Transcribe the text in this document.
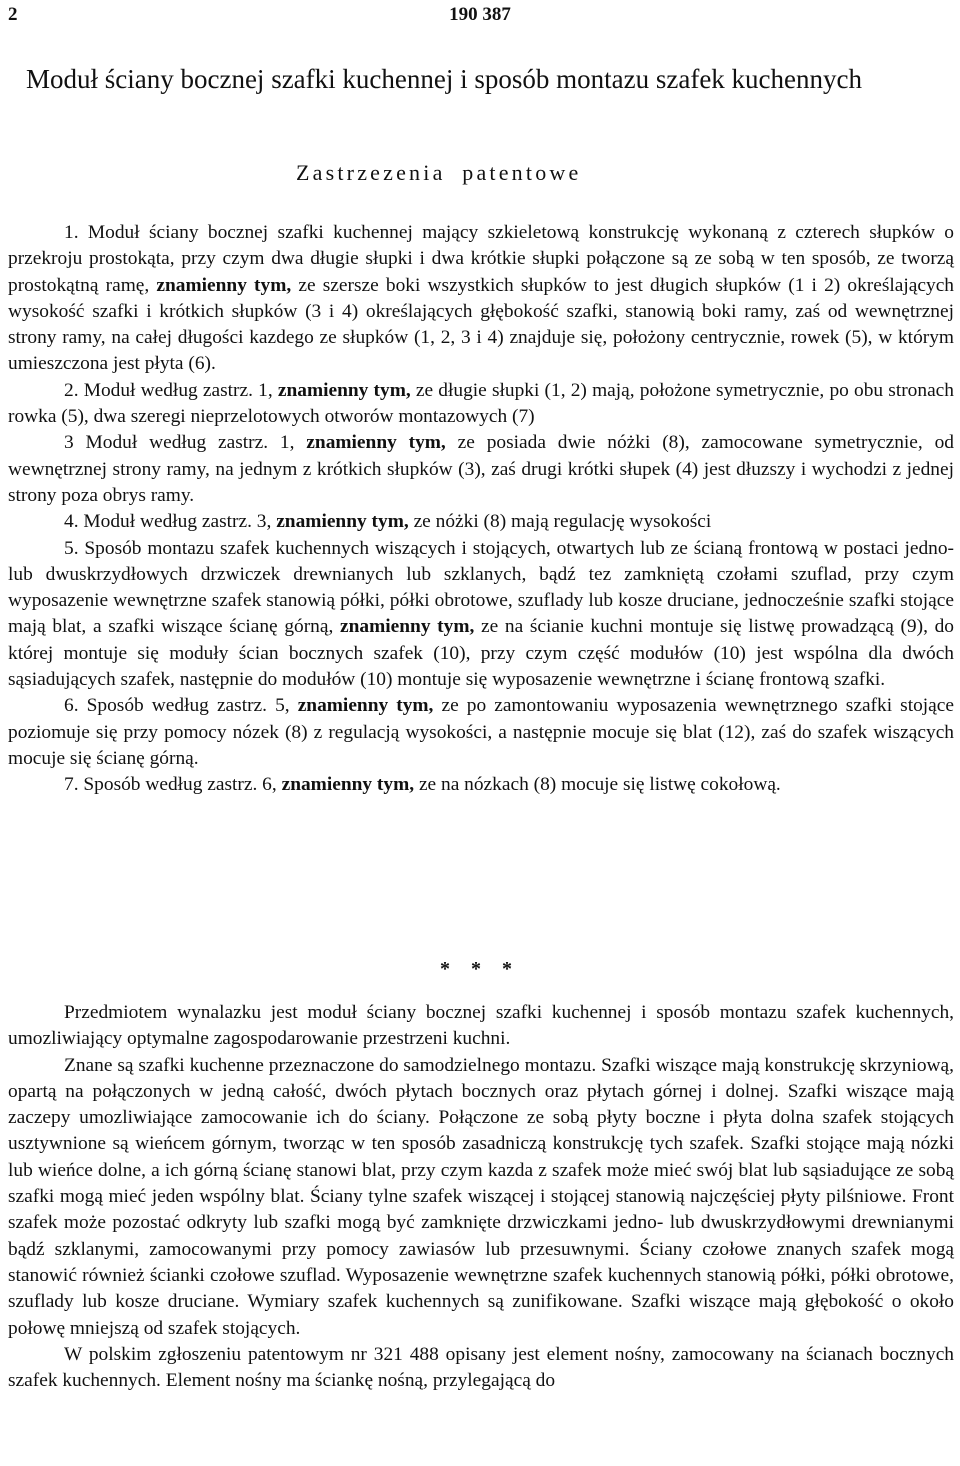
2	190 387
Moduł ściany bocznej szafki kuchennej i sposób montazu szafek kuchennych
Zastrzezenia patentowe

1. Moduł ściany bocznej szafki kuchennej mający szkieletową konstrukcję wykonaną z czterech słupków o przekroju prostokąta, przy czym dwa długie słupki i dwa krótkie słupki połączone są ze sobą w ten sposób, ze tworzą prostokątną ramę, znamienny tym, ze szersze boki wszystkich słupków to jest długich słupków (1 i 2) określających wysokość szafki i krótkich słupków (3 i 4) określających głębokość szafki, stanowią boki ramy, zaś od wewnętrznej strony ramy, na całej długości kazdego ze słupków (1, 2, 3 i 4) znajduje się, położony centrycznie, rowek (5), w którym umieszczona jest płyta (6).

2. Moduł według zastrz. 1, znamienny tym, ze długie słupki (1, 2) mają, położone symetrycznie, po obu stronach rowka (5), dwa szeregi nieprzelotowych otworów montazowych (7)

3 Moduł według zastrz. 1, znamienny tym, ze posiada dwie nóżki (8), zamocowane symetrycznie, od wewnętrznej strony ramy, na jednym z krótkich słupków (3), zaś drugi krótki słupek (4) jest dłuzszy i wychodzi z jednej strony poza obrys ramy.

4. Moduł według zastrz. 3, znamienny tym, ze nóżki (8) mają regulację wysokości

5. Sposób montazu szafek kuchennych wiszących i stojących, otwartych lub ze ścianą frontową w postaci jedno- lub dwuskrzydłowych drzwiczek drewnianych lub szklanych, bądź tez zamkniętą czołami szuflad, przy czym wyposazenie wewnętrzne szafek stanowią półki, półki obrotowe, szuflady lub kosze druciane, jednocześnie szafki stojące mają blat, a szafki wiszące ścianę górną, znamienny tym, ze na ścianie kuchni montuje się listwę prowadzącą (9), do której montuje się moduły ścian bocznych szafek (10), przy czym część modułów (10) jest wspólna dla dwóch sąsiadujących szafek, następnie do modułów (10) montuje się wyposazenie wewnętrzne i ścianę frontową szafki.

6. Sposób według zastrz. 5, znamienny tym, ze po zamontowaniu wyposazenia wewnętrznego szafki stojące poziomuje się przy pomocy nózek (8) z regulacją wysokości, a następnie mocuje się blat (12), zaś do szafek wiszących mocuje się ścianę górną.

7. Sposób według zastrz. 6, znamienny tym, ze na nózkach (8) mocuje się listwę cokołową.

* * *

Przedmiotem wynalazku jest moduł ściany bocznej szafki kuchennej i sposób montazu szafek kuchennych, umozliwiający optymalne zagospodarowanie przestrzeni kuchni.

Znane są szafki kuchenne przeznaczone do samodzielnego montazu. Szafki wiszące mają konstrukcję skrzyniową, opartą na połączonych w jedną całość, dwóch płytach bocznych oraz płytach górnej i dolnej. Szafki wiszące mają zaczepy umozliwiające zamocowanie ich do ściany. Połączone ze sobą płyty boczne i płyta dolna szafek stojących usztywnione są wieńcem górnym, tworząc w ten sposób zasadniczą konstrukcję tych szafek. Szafki stojące mają nózki lub wieńce dolne, a ich górną ścianę stanowi blat, przy czym kazda z szafek może mieć swój blat lub sąsiadujące ze sobą szafki mogą mieć jeden wspólny blat. Ściany tylne szafek wiszącej i stojącej stanowią najczęściej płyty pilśniowe. Front szafek może pozostać odkryty lub szafki mogą być zamknięte drzwiczkami jedno- lub dwuskrzydłowymi drewnianymi bądź szklanymi, zamocowanymi przy pomocy zawiasów lub przesuwnymi. Ściany czołowe znanych szafek mogą stanowić również ścianki czołowe szuflad. Wyposazenie wewnętrzne szafek kuchennych stanowią półki, półki obrotowe, szuflady lub kosze druciane. Wymiary szafek kuchennych są zunifikowane. Szafki wiszące mają głębokość o około połowę mniejszą od szafek stojących.

W polskim zgłoszeniu patentowym nr 321 488 opisany jest element nośny, zamocowany na ścianach bocznych szafek kuchennych. Element nośny ma ściankę nośną, przylegającą do
